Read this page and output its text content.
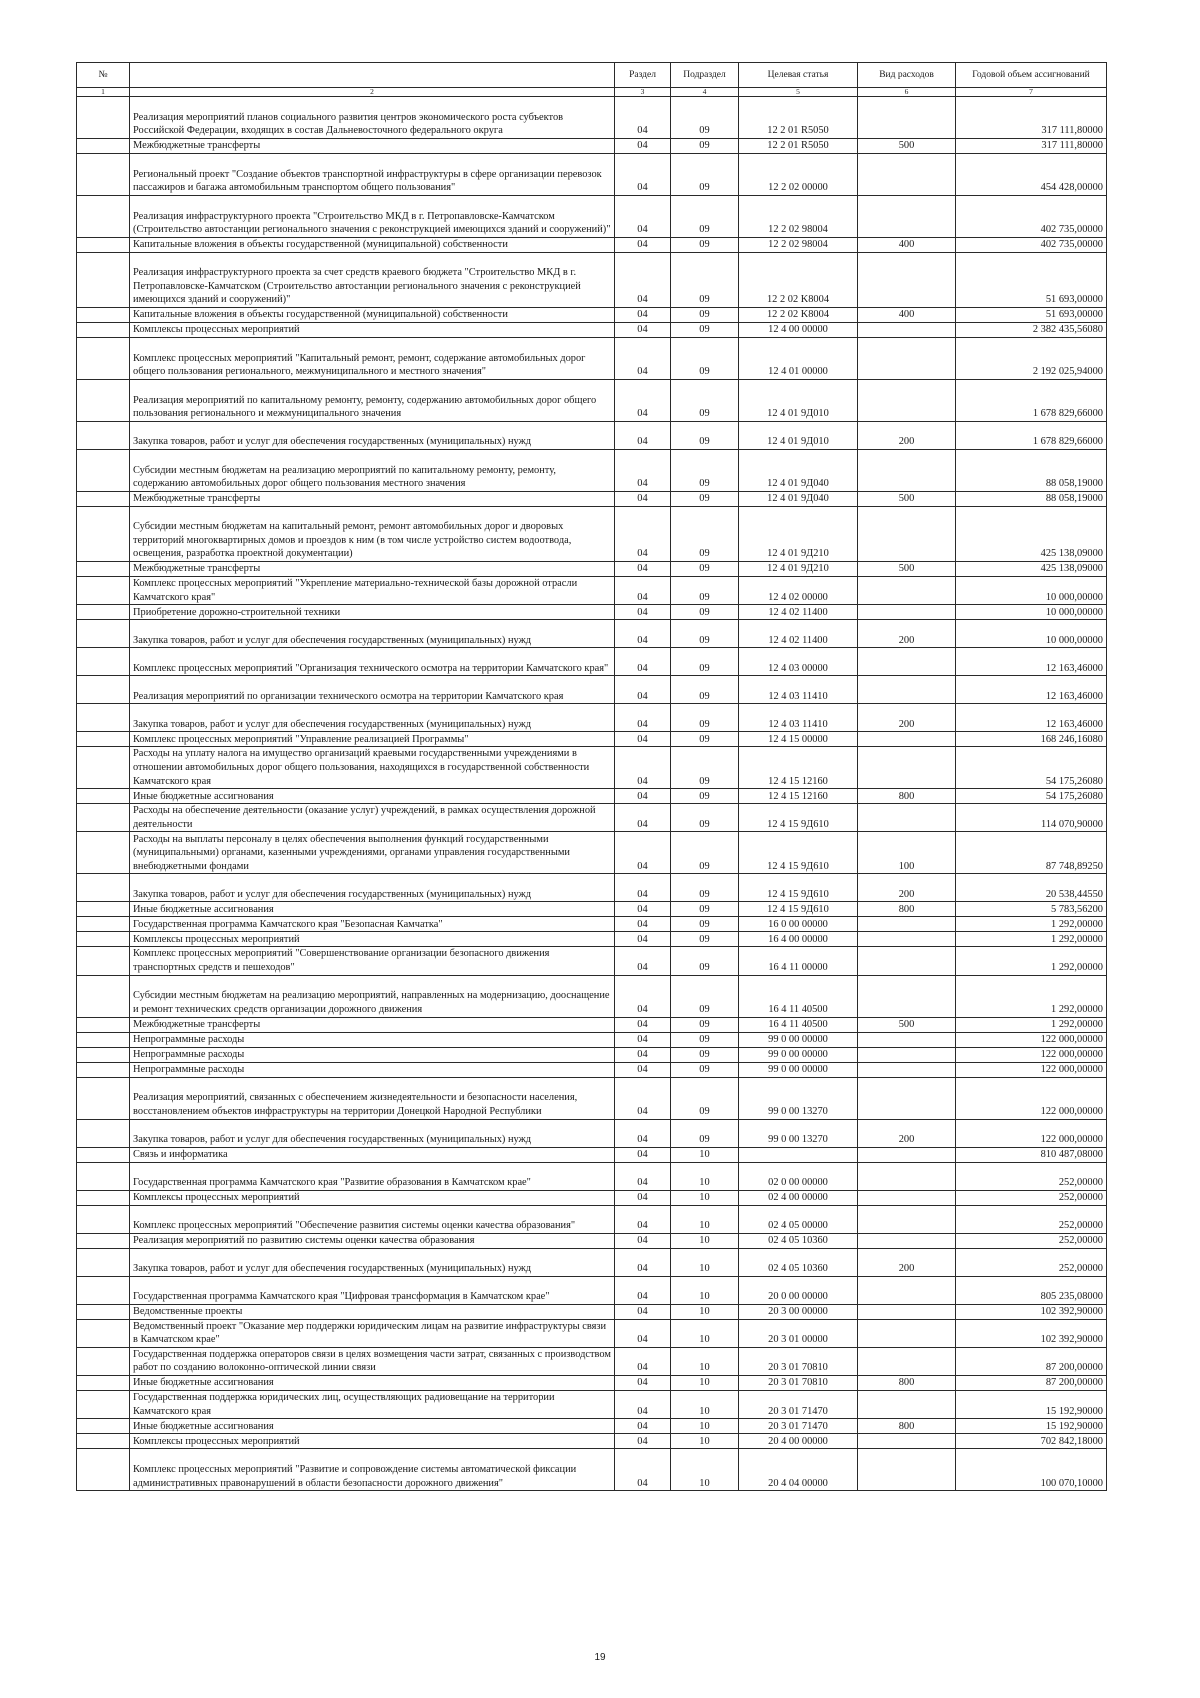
№		Раздел	Подраздел	Целевая статья	Вид расходов	Годовой объем ассигнований
1	2	3	4	5	6	7
	Реализация мероприятий планов социального развития центров экономического роста субъектов Российской Федерации, входящих в состав Дальневосточного федерального округа	04	09	12 2 01 R5050		317 111,80000
	Межбюджетные трансферты	04	09	12 2 01 R5050	500	317 111,80000
	Региональный проект "Создание объектов транспортной инфраструктуры в сфере организации перевозок пассажиров и багажа автомобильным транспортом общего пользования"	04	09	12 2 02 00000		454 428,00000
	Реализация инфраструктурного проекта "Строительство МКД в г. Петропавловске-Камчатском (Строительство автостанции регионального значения с реконструкцией имеющихся зданий и сооружений)"	04	09	12 2 02 98004		402 735,00000
	Капитальные вложения в объекты государственной (муниципальной) собственности	04	09	12 2 02 98004	400	402 735,00000
	Реализация инфраструктурного проекта за счет средств краевого бюджета "Строительство МКД в г. Петропавловске-Камчатском (Строительство автостанции регионального значения с реконструкцией имеющихся зданий и сооружений)"	04	09	12 2 02 K8004		51 693,00000
	Капитальные вложения в объекты государственной (муниципальной) собственности	04	09	12 2 02 K8004	400	51 693,00000
	Комплексы процессных мероприятий	04	09	12 4 00 00000		2 382 435,56080
	Комплекс процессных мероприятий "Капитальный ремонт, ремонт, содержание автомобильных дорог общего пользования регионального, межмуниципального и местного значения"	04	09	12 4 01 00000		2 192 025,94000
	Реализация мероприятий по капитальному ремонту, ремонту, содержанию автомобильных дорог общего пользования регионального и межмуниципального значения	04	09	12 4 01 9Д010		1 678 829,66000
	Закупка товаров, работ и услуг для обеспечения государственных (муниципальных) нужд	04	09	12 4 01 9Д010	200	1 678 829,66000
	Субсидии местным бюджетам на реализацию мероприятий по капитальному ремонту, ремонту, содержанию автомобильных дорог общего пользования местного значения	04	09	12 4 01 9Д040		88 058,19000
	Межбюджетные трансферты	04	09	12 4 01 9Д040	500	88 058,19000
	Субсидии местным бюджетам на капитальный ремонт, ремонт автомобильных дорог и дворовых территорий многоквартирных домов и проездов к ним (в том числе устройство систем водоотвода, освещения, разработка проектной документации)	04	09	12 4 01 9Д210		425 138,09000
	Межбюджетные трансферты	04	09	12 4 01 9Д210	500	425 138,09000
	Комплекс процессных мероприятий "Укрепление материально-технической базы дорожной отрасли Камчатского края"	04	09	12 4 02 00000		10 000,00000
	Приобретение дорожно-строительной техники	04	09	12 4 02 11400		10 000,00000
	Закупка товаров, работ и услуг для обеспечения государственных (муниципальных) нужд	04	09	12 4 02 11400	200	10 000,00000
	Комплекс процессных мероприятий "Организация технического осмотра на территории Камчатского края"	04	09	12 4 03 00000		12 163,46000
	Реализация мероприятий по организации технического осмотра на территории Камчатского края	04	09	12 4 03 11410		12 163,46000
	Закупка товаров, работ и услуг для обеспечения государственных (муниципальных) нужд	04	09	12 4 03 11410	200	12 163,46000
	Комплекс процессных мероприятий "Управление реализацией Программы"	04	09	12 4 15 00000		168 246,16080
	Расходы на уплату налога на имущество организаций краевыми государственными учреждениями в отношении автомобильных дорог общего пользования, находящихся в государственной собственности Камчатского края	04	09	12 4 15 12160		54 175,26080
	Иные бюджетные ассигнования	04	09	12 4 15 12160	800	54 175,26080
	Расходы на обеспечение деятельности (оказание услуг) учреждений, в рамках осуществления дорожной деятельности	04	09	12 4 15 9Д610		114 070,90000
	Расходы на выплаты персоналу в целях обеспечения выполнения функций государственными (муниципальными) органами, казенными учреждениями, органами управления государственными внебюджетными фондами	04	09	12 4 15 9Д610	100	87 748,89250
	Закупка товаров, работ и услуг для обеспечения государственных (муниципальных) нужд	04	09	12 4 15 9Д610	200	20 538,44550
	Иные бюджетные ассигнования	04	09	12 4 15 9Д610	800	5 783,56200
	Государственная программа Камчатского края "Безопасная Камчатка"	04	09	16 0 00 00000		1 292,00000
	Комплексы процессных мероприятий	04	09	16 4 00 00000		1 292,00000
	Комплекс процессных мероприятий "Совершенствование организации безопасного движения транспортных средств и пешеходов"	04	09	16 4 11 00000		1 292,00000
	Субсидии местным бюджетам на реализацию мероприятий, направленных на модернизацию, дооснащение и ремонт технических средств организации дорожного движения	04	09	16 4 11 40500		1 292,00000
	Межбюджетные трансферты	04	09	16 4 11 40500	500	1 292,00000
	Непрограммные расходы	04	09	99 0 00 00000		122 000,00000
	Непрограммные расходы	04	09	99 0 00 00000		122 000,00000
	Непрограммные расходы	04	09	99 0 00 00000		122 000,00000
	Реализация мероприятий, связанных с обеспечением жизнедеятельности и безопасности населения, восстановлением объектов инфраструктуры на территории Донецкой Народной Республики	04	09	99 0 00 13270		122 000,00000
	Закупка товаров, работ и услуг для обеспечения государственных (муниципальных) нужд	04	09	99 0 00 13270	200	122 000,00000
	Связь и информатика	04	10			810 487,08000
	Государственная программа Камчатского края "Развитие образования в Камчатском крае"	04	10	02 0 00 00000		252,00000
	Комплексы процессных мероприятий	04	10	02 4 00 00000		252,00000
	Комплекс процессных мероприятий "Обеспечение развития системы оценки качества образования"	04	10	02 4 05 00000		252,00000
	Реализация мероприятий по развитию системы оценки качества образования	04	10	02 4 05 10360		252,00000
	Закупка товаров, работ и услуг для обеспечения государственных (муниципальных) нужд	04	10	02 4 05 10360	200	252,00000
	Государственная программа Камчатского края "Цифровая трансформация в Камчатском крае"	04	10	20 0 00 00000		805 235,08000
	Ведомственные проекты	04	10	20 3 00 00000		102 392,90000
	Ведомственный проект "Оказание мер поддержки юридическим лицам на развитие инфраструктуры связи в Камчатском крае"	04	10	20 3 01 00000		102 392,90000
	Государственная поддержка операторов связи в целях возмещения части затрат, связанных с производством работ по созданию волоконно-оптической линии связи	04	10	20 3 01 70810		87 200,00000
	Иные бюджетные ассигнования	04	10	20 3 01 70810	800	87 200,00000
	Государственная поддержка юридических лиц, осуществляющих радиовещание на территории Камчатского края	04	10	20 3 01 71470		15 192,90000
	Иные бюджетные ассигнования	04	10	20 3 01 71470	800	15 192,90000
	Комплексы процессных мероприятий	04	10	20 4 00 00000		702 842,18000
	Комплекс процессных мероприятий "Развитие и сопровождение системы автоматической фиксации административных правонарушений в области безопасности дорожного движения"	04	10	20 4 04 00000		100 070,10000
19
